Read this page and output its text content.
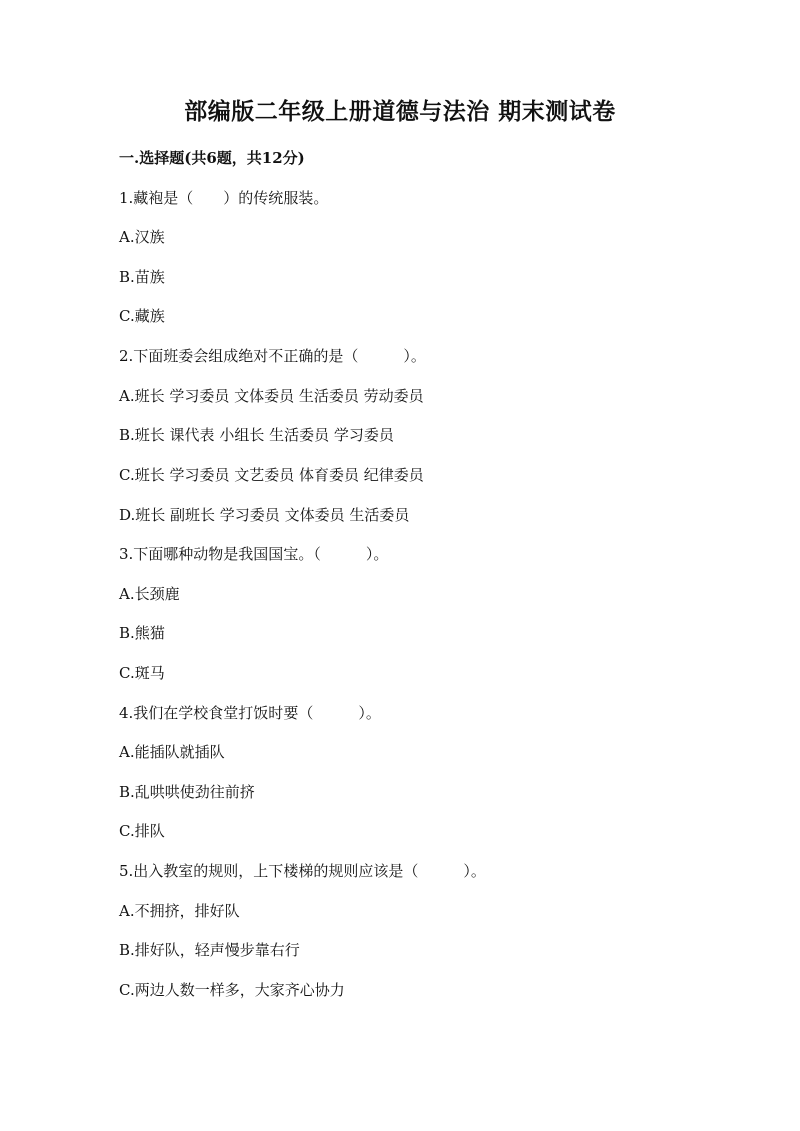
部编版二年级上册道德与法治 期末测试卷
一.选择题(共6题，共12分)
1.藏袍是（　　）的传统服装。
A.汉族
B.苗族
C.藏族
2.下面班委会组成绝对不正确的是（　　　）。
A.班长 学习委员 文体委员 生活委员 劳动委员
B.班长 课代表 小组长 生活委员 学习委员
C.班长 学习委员 文艺委员 体育委员 纪律委员
D.班长 副班长 学习委员 文体委员 生活委员
3.下面哪种动物是我国国宝。（　　　）。
A.长颈鹿
B.熊猫
C.斑马
4.我们在学校食堂打饭时要（　　　）。
A.能插队就插队
B.乱哄哄使劲往前挤
C.排队
5.出入教室的规则，上下楼梯的规则应该是（　　　）。
A.不拥挤，排好队
B.排好队，轻声慢步靠右行
C.两边人数一样多，大家齐心协力
